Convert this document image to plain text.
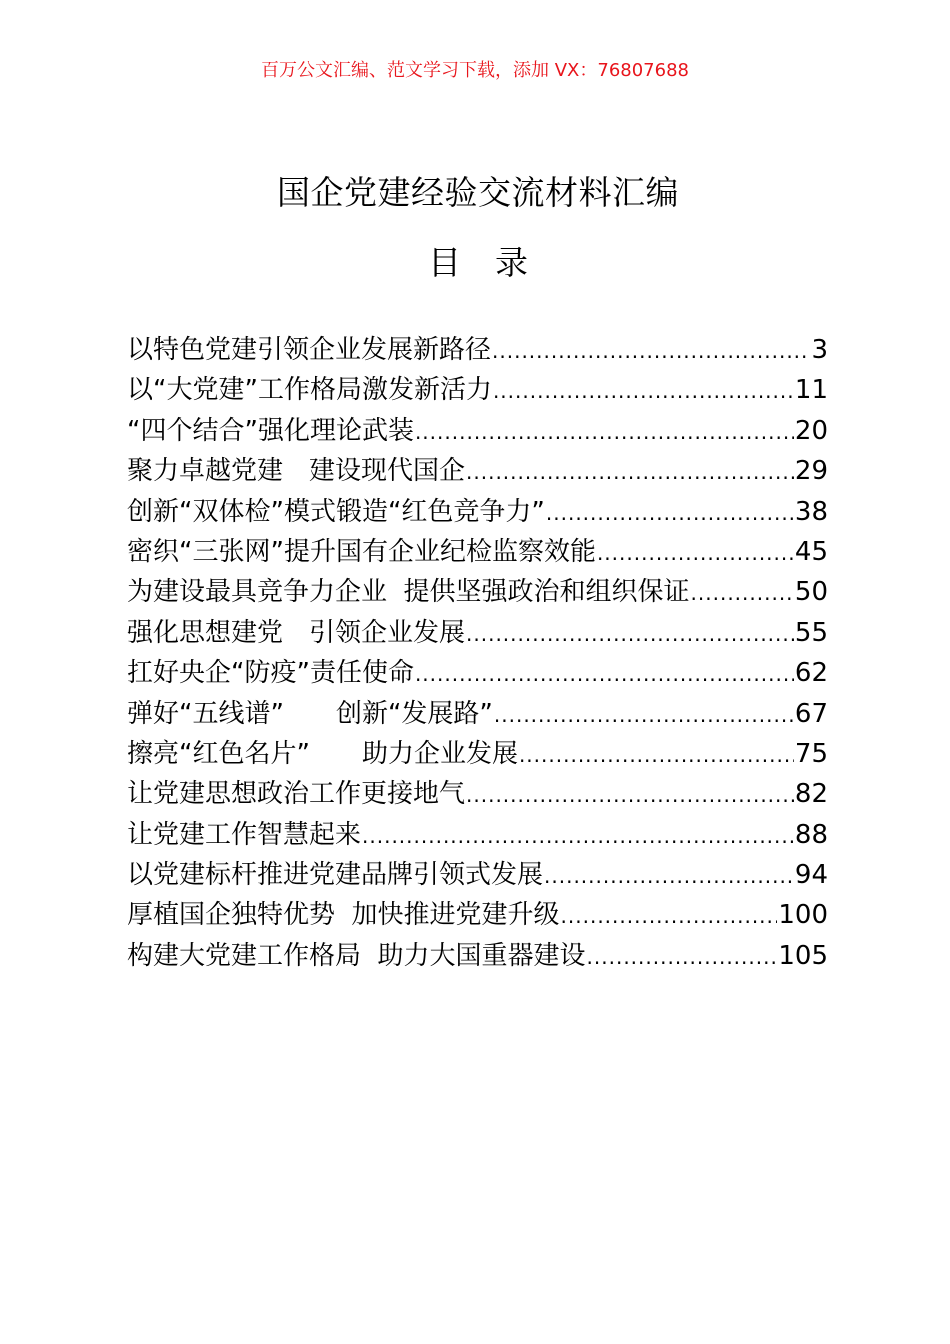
百万公文汇编、范文学习下载，添加 VX：76807688
国企党建经验交流材料汇编
目录
以特色党建引领企业发展新路径 .....	3
以“大党建”工作格局激发新活力 .....	11
“四个结合”强化理论武装 .....	20
聚力卓越党建　建设现代国企 .....	29
创新“双体检”模式锻造“红色竞争力” .....	38
密织“三张网”提升国有企业纪检监察效能 .....	45
为建设最具竞争力企业  提供坚强政治和组织保证 .....	50
强化思想建党　引领企业发展 .....	55
扛好央企“防疫”责任使命 .....	62
弹好“五线谱”　　创新“发展路” .....	67
擦亮“红色名片”　　助力企业发展 .....	75
让党建思想政治工作更接地气 .....	82
让党建工作智慧起来 .....	88
以党建标杆推进党建品牌引领式发展 .....	94
厚植国企独特优势  加快推进党建升级 .....	100
构建大党建工作格局  助力大国重器建设 .....	105
